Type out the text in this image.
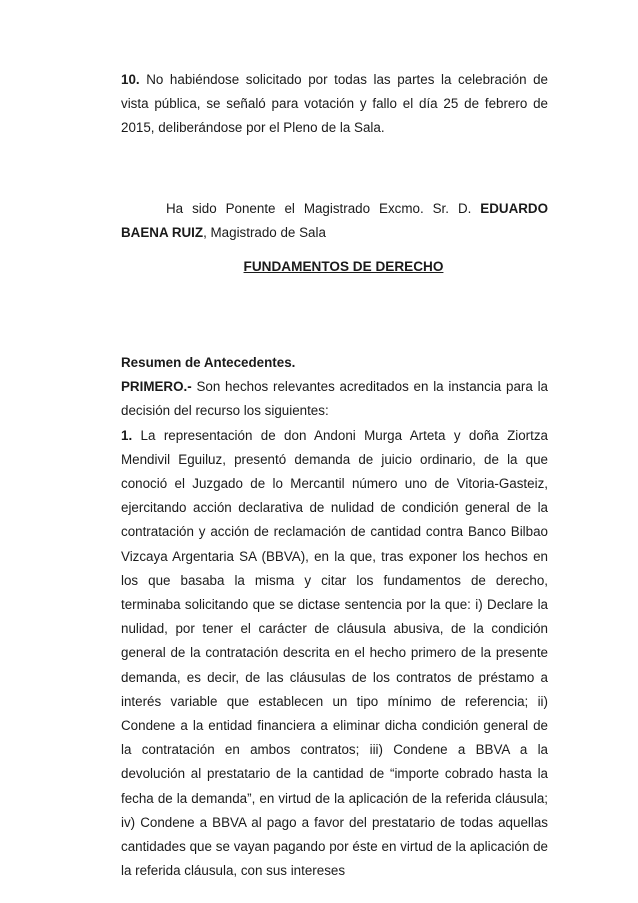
10. No habiéndose solicitado por todas las partes la celebración de vista pública, se señaló para votación y fallo el día 25 de febrero de 2015, deliberándose por el Pleno de la Sala.

Ha sido Ponente el Magistrado Excmo. Sr. D. EDUARDO BAENA RUIZ, Magistrado de Sala

FUNDAMENTOS DE DERECHO
Resumen de Antecedentes.
PRIMERO.- Son hechos relevantes acreditados en la instancia para la decisión del recurso los siguientes:
1. La representación de don Andoni Murga Arteta y doña Ziortza Mendivil Eguiluz, presentó demanda de juicio ordinario, de la que conoció el Juzgado de lo Mercantil número uno de Vitoria-Gasteiz, ejercitando acción declarativa de nulidad de condición general de la contratación y acción de reclamación de cantidad contra Banco Bilbao Vizcaya Argentaria SA (BBVA), en la que, tras exponer los hechos en los que basaba la misma y citar los fundamentos de derecho, terminaba solicitando que se dictase sentencia por la que: i) Declare la nulidad, por tener el carácter de cláusula abusiva, de la condición general de la contratación descrita en el hecho primero de la presente demanda, es decir, de las cláusulas de los contratos de préstamo a interés variable que establecen un tipo mínimo de referencia; ii) Condene a la entidad financiera a eliminar dicha condición general de la contratación en ambos contratos; iii) Condene a BBVA a la devolución al prestatario de la cantidad de “importe cobrado hasta la fecha de la demanda”, en virtud de la aplicación de la referida cláusula; iv) Condene a BBVA al pago a favor del prestatario de todas aquellas cantidades que se vayan pagando por éste en virtud de la aplicación de la referida cláusula, con sus intereses
